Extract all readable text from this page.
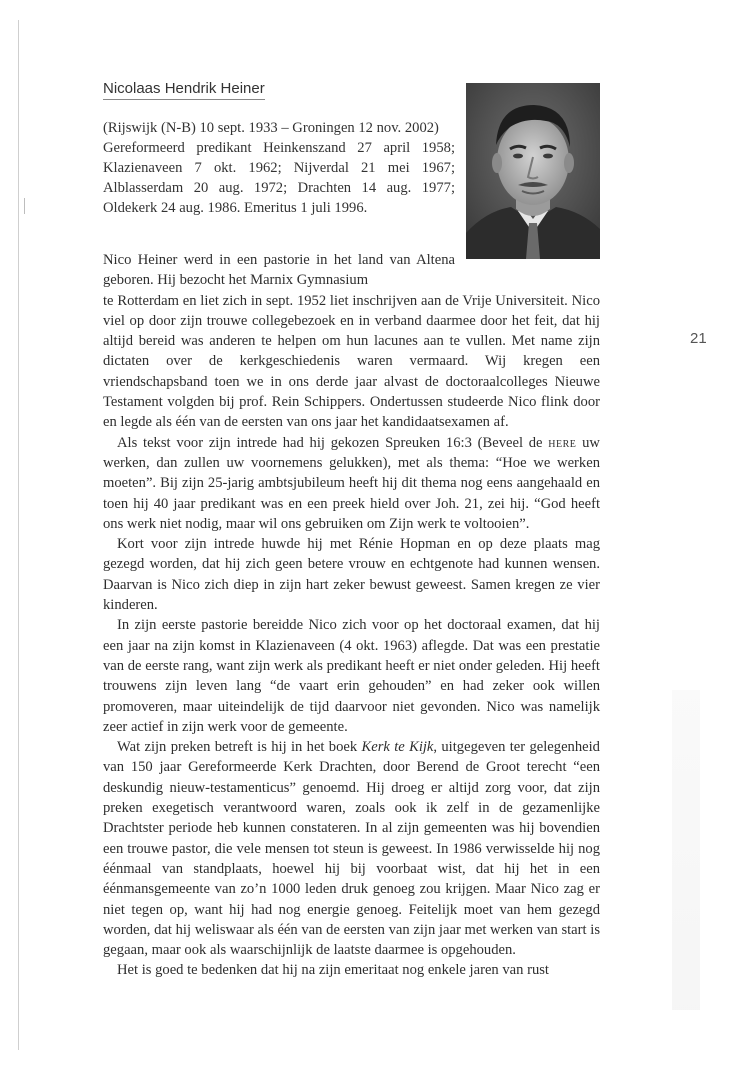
Nicolaas Hendrik Heiner

(Rijswijk (N-B) 10 sept. 1933 – Groningen 12 nov. 2002)

Gereformeerd predikant Heinkenszand 27 april 1958; Klazienaveen 7 okt. 1962; Nijverdal 21 mei 1967; Alblasserdam 20 aug. 1972; Drachten 14 aug. 1977; Oldekerk 24 aug. 1986. Emeritus 1 juli 1996.

Nico Heiner werd in een pastorie in het land van Altena geboren. Hij bezocht het Marnix Gymnasium

te Rotterdam en liet zich in sept. 1952 liet inschrijven aan de Vrije Universiteit. Nico viel op door zijn trouwe collegebezoek en in verband daarmee door het feit, dat hij altijd bereid was anderen te helpen om hun lacunes aan te vullen. Met name zijn dictaten over de kerkgeschiedenis waren vermaard. Wij kregen een vriendschapsband toen we in ons derde jaar alvast de doctoraalcolleges Nieuwe Testament volgden bij prof. Rein Schippers. Ondertussen studeerde Nico flink door en legde als één van de eersten van ons jaar het kandidaatsexamen af.

Als tekst voor zijn intrede had hij gekozen Spreuken 16:3 (Beveel de here uw werken, dan zullen uw voornemens gelukken), met als thema: “Hoe we werken moeten”. Bij zijn 25-jarig ambtsjubileum heeft hij dit thema nog eens aangehaald en toen hij 40 jaar predikant was en een preek hield over Joh. 21, zei hij. “God heeft ons werk niet nodig, maar wil ons gebruiken om Zijn werk te voltooien”.

Kort voor zijn intrede huwde hij met Rénie Hopman en op deze plaats mag gezegd worden, dat hij zich geen betere vrouw en echtgenote had kunnen wensen. Daarvan is Nico zich diep in zijn hart zeker bewust geweest. Samen kregen ze vier kinderen.

In zijn eerste pastorie bereidde Nico zich voor op het doctoraal examen, dat hij een jaar na zijn komst in Klazienaveen (4 okt. 1963) aflegde. Dat was een prestatie van de eerste rang, want zijn werk als predikant heeft er niet onder geleden. Hij heeft trouwens zijn leven lang “de vaart erin gehouden” en had zeker ook willen promoveren, maar uiteindelijk de tijd daarvoor niet gevonden. Nico was namelijk zeer actief in zijn werk voor de gemeente.

Wat zijn preken betreft is hij in het boek Kerk te Kijk, uitgegeven ter gelegenheid van 150 jaar Gereformeerde Kerk Drachten, door Berend de Groot terecht “een deskundig nieuw-testamenticus” genoemd. Hij droeg er altijd zorg voor, dat zijn preken exegetisch verantwoord waren, zoals ook ik zelf in de gezamenlijke Drachtster periode heb kunnen constateren. In al zijn gemeenten was hij bovendien een trouwe pastor, die vele mensen tot steun is geweest. In 1986 verwisselde hij nog éénmaal van standplaats, hoewel hij bij voorbaat wist, dat hij het in een éénmansgemeente van zo’n 1000 leden druk genoeg zou krijgen. Maar Nico zag er niet tegen op, want hij had nog energie genoeg. Feitelijk moet van hem gezegd worden, dat hij weliswaar als één van de eersten van zijn jaar met werken van start is gegaan, maar ook als waarschijnlijk de laatste daarmee is opgehouden.

Het is goed te bedenken dat hij na zijn emeritaat nog enkele jaren van rust

21
